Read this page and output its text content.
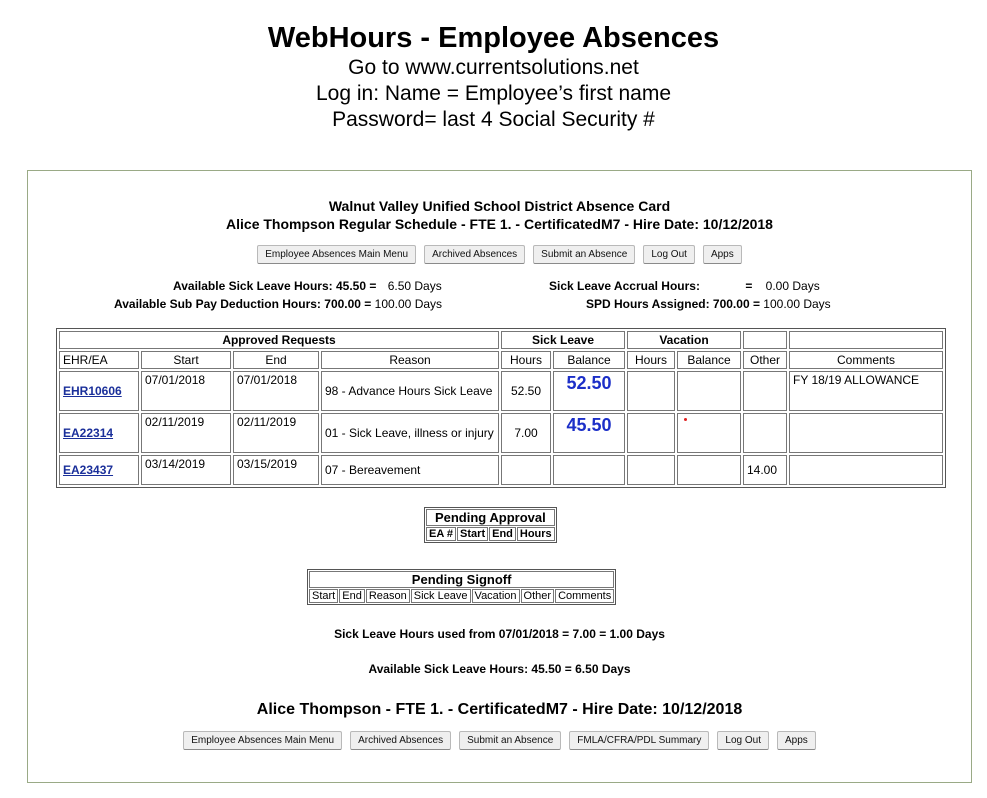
WebHours - Employee Absences
Go to www.currentsolutions.net
Log in: Name = Employee’s first name
Password= last 4 Social Security #
Walnut Valley Unified School District Absence Card
Alice Thompson Regular Schedule - FTE 1. - CertificatedM7 - Hire Date: 10/12/2018
Employee Absences Main Menu Archived Absences Submit an Absence Log Out Apps
Available Sick Leave Hours: 45.50 = 6.50 Days	Sick Leave Accrual Hours:	= 0.00 Days
Available Sub Pay Deduction Hours: 700.00 = 100.00 Days	SPD Hours Assigned: 700.00 = 100.00 Days
Approved Requests				Sick Leave		Vacation			
EHR/EA	Start	End	Reason	Hours	Balance	Hours	Balance	Other	Comments
EHR10606	07/01/2018	07/01/2018	98 - Advance Hours Sick Leave	52.50	52.50				FY 18/19 ALLOWANCE
EA22314	02/11/2019	02/11/2019	01 - Sick Leave, illness or injury	7.00	45.50				
EA23437	03/14/2019	03/15/2019	07 - Bereavement					14.00	
Pending Approval
EA #	Start	End	Hours
Pending Signoff
Start	End	Reason	Sick Leave	Vacation	Other	Comments
Sick Leave Hours used from 07/01/2018 = 7.00 = 1.00 Days
Available Sick Leave Hours: 45.50 = 6.50 Days
Alice Thompson - FTE 1. - CertificatedM7 - Hire Date: 10/12/2018
Employee Absences Main Menu Archived Absences Submit an Absence FMLA/CFRA/PDL Summary Log Out Apps
